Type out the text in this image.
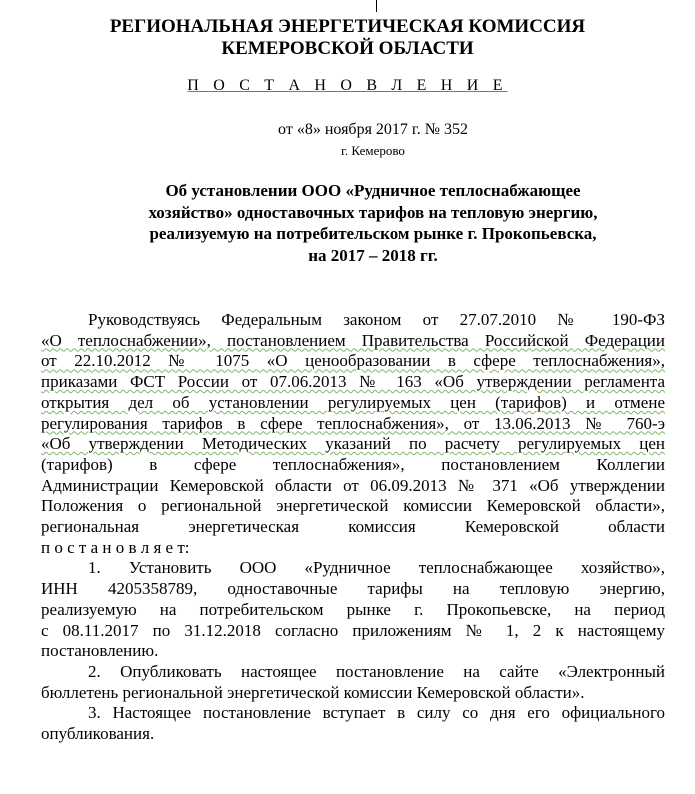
РЕГИОНАЛЬНАЯ ЭНЕРГЕТИЧЕСКАЯ КОМИССИЯ
КЕМЕРОВСКОЙ ОБЛАСТИ
П О С Т А Н О В Л Е Н И Е
от «8» ноября 2017 г. № 352
г. Кемерово
Об установлении ООО «Рудничное теплоснабжающее
хозяйство» одноставочных тарифов на тепловую энергию,
реализуемую на потребительском рынке г. Прокопьевска,
на 2017 – 2018 гг.

Руководствуясь Федеральным законом от 27.07.2010 № 190-ФЗ

«О теплоснабжении», постановлением Правительства Российской Федерации

от 22.10.2012 № 1075 «О ценообразовании в сфере теплоснабжения»,

приказами ФСТ России от 07.06.2013 № 163 «Об утверждении регламента

открытия дел об установлении регулируемых цен (тарифов) и отмене

регулирования тарифов в сфере теплоснабжения», от 13.06.2013 № 760-э

«Об утверждении Методических указаний по расчету регулируемых цен

(тарифов) в сфере теплоснабжения», постановлением Коллегии

Администрации Кемеровской области от 06.09.2013 № 371 «Об утверждении

Положения о региональной энергетической комиссии Кемеровской области»,

региональная энергетическая комиссия Кемеровской области

п о с т а н о в л я е т:

1. Установить ООО «Рудничное теплоснабжающее хозяйство»,

ИНН 4205358789, одноставочные тарифы на тепловую энергию,

реализуемую на потребительском рынке г. Прокопьевске, на период

с 08.11.2017 по 31.12.2018 согласно приложениям № 1, 2 к настоящему

постановлению.

2. Опубликовать настоящее постановление на сайте «Электронный

бюллетень региональной энергетической комиссии Кемеровской области».

3. Настоящее постановление вступает в силу со дня его официального

опубликования.
